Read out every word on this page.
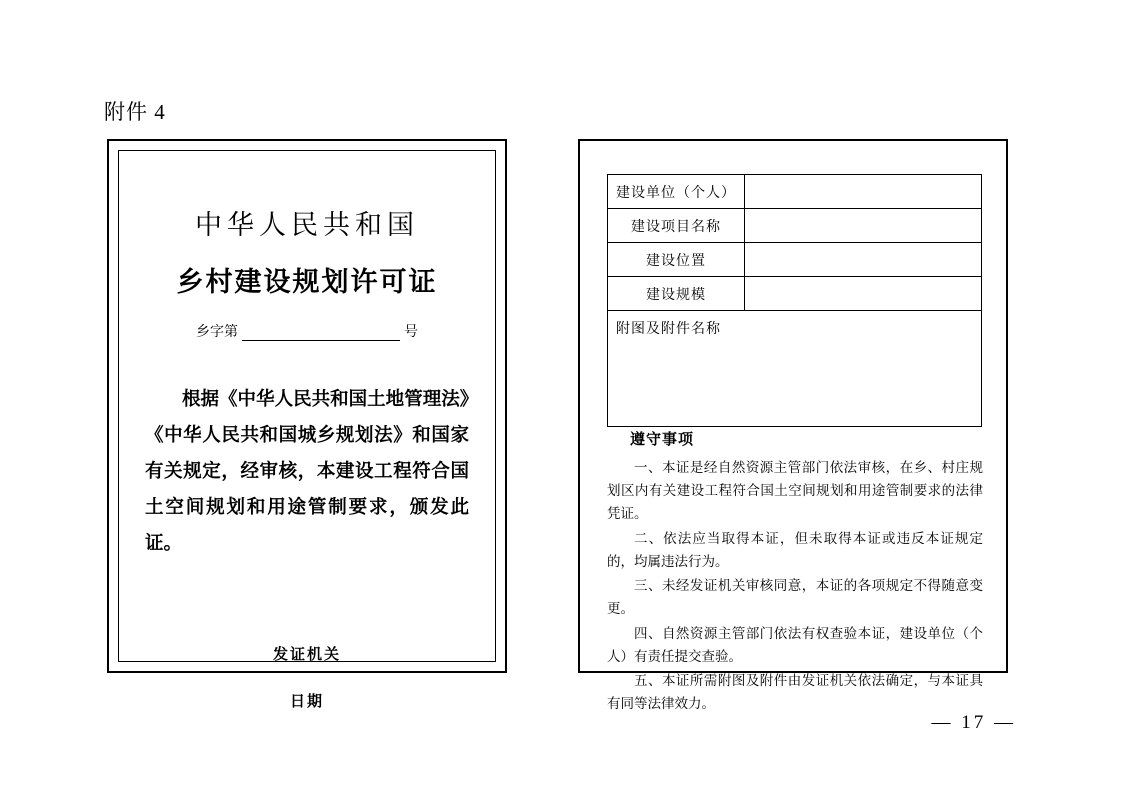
附件 4
中华人民共和国
乡村建设规划许可证
乡字第	号
根据《中华人民共和国土地管理法》《中华人民共和国城乡规划法》和国家有关规定，经审核，本建设工程符合国土空间规划和用途管制要求，颁发此证。
发证机关
日期
建设单位（个人）	
建设项目名称	
建设位置	
建设规模	
附图及附件名称	
遵守事项

一、本证是经自然资源主管部门依法审核，在乡、村庄规划区内有关建设工程符合国土空间规划和用途管制要求的法律凭证。

二、依法应当取得本证，但未取得本证或违反本证规定的，均属违法行为。

三、未经发证机关审核同意，本证的各项规定不得随意变更。

四、自然资源主管部门依法有权查验本证，建设单位（个人）有责任提交查验。

五、本证所需附图及附件由发证机关依法确定，与本证具有同等法律效力。

— 17 —
